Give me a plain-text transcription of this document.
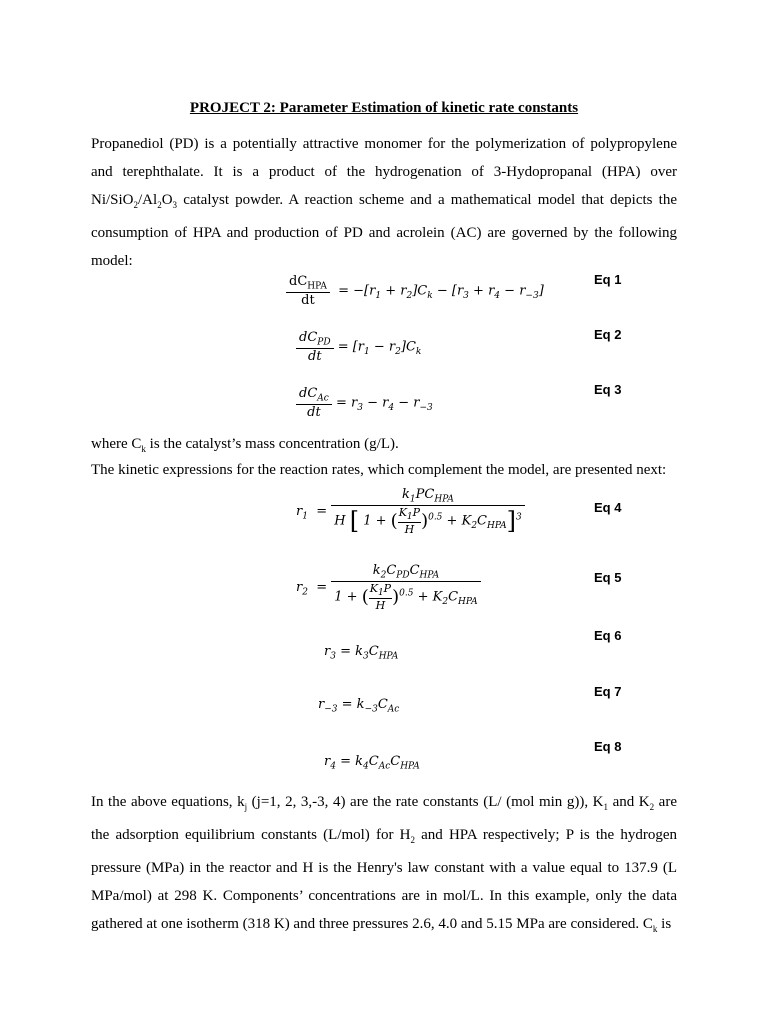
PROJECT 2: Parameter Estimation of kinetic rate constants
Propanediol (PD) is a potentially attractive monomer for the polymerization of polypropylene and terephthalate. It is a product of the hydrogenation of 3-Hydopropanal (HPA) over $Ni/SiO_2/Al_2O_3$ catalyst powder. A reaction scheme and a mathematical model that depicts the consumption of HPA and production of PD and acrolein (AC) are governed by the following model:
$\frac{dC_{HPA}}{dt} = -[r_1 + r_2]C_k - [r_3 + r_4 - r_{-3}]$
Eq 1
$\frac{dC_{PD}}{dt} = [r_1 - r_2]C_k$
Eq 2
$\frac{dC_{Ac}}{dt} = r_3 - r_4 - r_{-3}$
Eq 3
where $C_k$ is the catalyst’s mass concentration (g/L).
The kinetic expressions for the reaction rates, which complement the model, are presented next:
$r_1 = \frac{k_1PC_{HPA}}{H [ 1 + ( \frac{K_1P}{H} )^{0.5} + K_2C_{HPA}]^3}$	Eq 4
$r_2 = \frac{k_2C_{PD}C_{HPA}}{1 + ( \frac{K_1P}{H} )^{0.5} + K_2C_{HPA}}$	Eq 5
Eq 6
$r_3 = k_3C_{HPA}$
Eq 7
$r_{-3} = k_{-3}C_{Ac}$
Eq 8
$r_4 = k_4C_{Ac}C_{HPA}$
In the above equations, $k_j$ (j=1, 2, 3,-3, 4) are the rate constants (L/ (mol min g)), $K_1$ and $K_2$ are the adsorption equilibrium constants (L/mol) for $H_2$ and HPA respectively; P is the hydrogen pressure (MPa) in the reactor and H is the Henry's law constant with a value equal to 137.9 (L MPa/mol) at 298 K. Components’ concentrations are in mol/L. In this example, only the data gathered at one isotherm (318 K) and three pressures 2.6, 4.0 and 5.15 MPa are considered. $C_k$ is
